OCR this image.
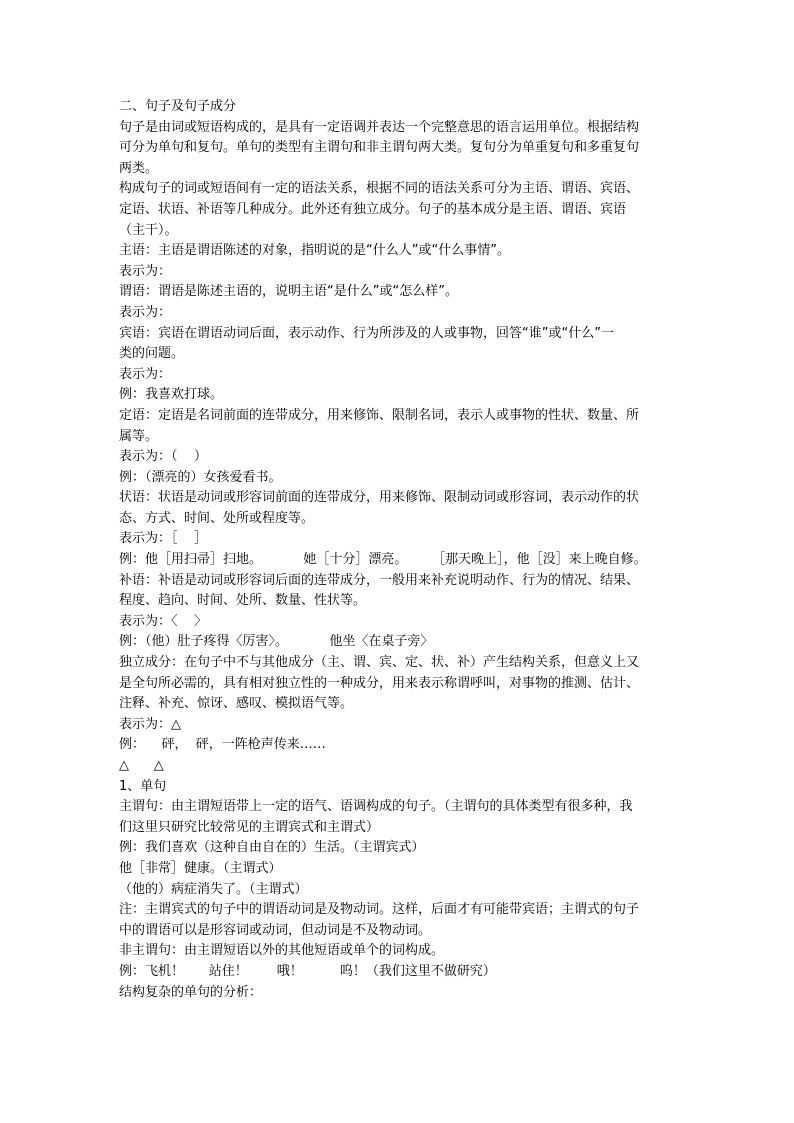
二、句子及句子成分
句子是由词或短语构成的，是具有一定语调并表达一个完整意思的语言运用单位。根据结构
可分为单句和复句。单句的类型有主谓句和非主谓句两大类。复句分为单重复句和多重复句
两类。
构成句子的词或短语间有一定的语法关系，根据不同的语法关系可分为主语、谓语、宾语、
定语、状语、补语等几种成分。此外还有独立成分。句子的基本成分是主语、谓语、宾语
（主干）。
主语：主语是谓语陈述的对象，指明说的是“什么人”或“什么事情”。
表示为：
谓语：谓语是陈述主语的，说明主语“是什么”或“怎么样”。
表示为：
宾语：宾语在谓语动词后面，表示动作、行为所涉及的人或事物，回答“谁”或“什么”一
类的问题。
表示为：
例：我喜欢打球。
定语：定语是名词前面的连带成分，用来修饰、限制名词，表示人或事物的性状、数量、所
属等。
表示为：（    ）
例：（漂亮的）女孩爱看书。
状语：状语是动词或形容词前面的连带成分，用来修饰、限制动词或形容词，表示动作的状
态、方式、时间、处所或程度等。
表示为：［    ］
例：他［用扫帚］扫地。          她［十分］漂亮。      ［那天晚上］，他［没］来上晚自修。
补语：补语是动词或形容词后面的连带成分，一般用来补充说明动作、行为的情况、结果、
程度、趋向、时间、处所、数量、性状等。
表示为：〈    〉
例：（他）肚子疼得〈厉害〉。          他坐〈在桌子旁〉
独立成分：在句子中不与其他成分（主、谓、宾、定、状、补）产生结构关系，但意义上又
是全句所必需的，具有相对独立性的一种成分，用来表示称谓呼叫，对事物的推测、估计、
注释、补充、惊讶、感叹、模拟语气等。
表示为：△
例：    砰，  砰，一阵枪声传来……
△      △
1、单句
主谓句：由主谓短语带上一定的语气、语调构成的句子。（主谓句的具体类型有很多种，我
们这里只研究比较常见的主谓宾式和主谓式）
例：我们喜欢（这种自由自在的）生活。（主谓宾式）
他［非常］健康。（主谓式）
（他的）病症消失了。（主谓式）
注：主谓宾式的句子中的谓语动词是及物动词。这样，后面才有可能带宾语；主谓式的句子
中的谓语可以是形容词或动词，但动词是不及物动词。
非主谓句：由主谓短语以外的其他短语或单个的词构成。
例：飞机！      站住！       哦！         呜！（我们这里不做研究）
结构复杂的单句的分析：
